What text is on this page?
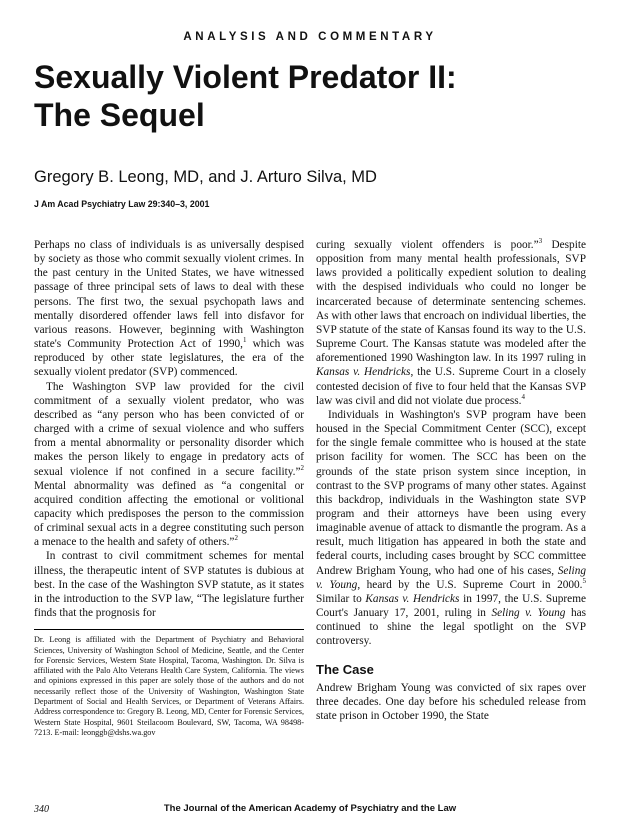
ANALYSIS AND COMMENTARY
Sexually Violent Predator II:
The Sequel
Gregory B. Leong, MD, and J. Arturo Silva, MD
J Am Acad Psychiatry Law 29:340–3, 2001

Perhaps no class of individuals is as universally despised by society as those who commit sexually violent crimes. In the past century in the United States, we have witnessed passage of three principal sets of laws to deal with these persons. The first two, the sexual psychopath laws and mentally disordered offender laws fell into disfavor for various reasons. However, beginning with Washington state's Community Protection Act of 1990,$^1$ which was reproduced by other state legislatures, the era of the sexually violent predator (SVP) commenced.

The Washington SVP law provided for the civil commitment of a sexually violent predator, who was described as “any person who has been convicted of or charged with a crime of sexual violence and who suffers from a mental abnormality or personality disorder which makes the person likely to engage in predatory acts of sexual violence if not confined in a secure facility.”$^2$ Mental abnormality was defined as “a congenital or acquired condition affecting the emotional or volitional capacity which predisposes the person to the commission of criminal sexual acts in a degree constituting such person a menace to the health and safety of others.”$^2$

In contrast to civil commitment schemes for mental illness, the therapeutic intent of SVP statutes is dubious at best. In the case of the Washington SVP statute, as it states in the introduction to the SVP law, “The legislature further finds that the prognosis for

Dr. Leong is affiliated with the Department of Psychiatry and Behavioral Sciences, University of Washington School of Medicine, Seattle, and the Center for Forensic Services, Western State Hospital, Tacoma, Washington. Dr. Silva is affiliated with the Palo Alto Veterans Health Care System, California. The views and opinions expressed in this paper are solely those of the authors and do not necessarily reflect those of the University of Washington, Washington State Department of Social and Health Services, or Department of Veterans Affairs. Address correspondence to: Gregory B. Leong, MD, Center for Forensic Services, Western State Hospital, 9601 Steilacoom Boulevard, SW, Tacoma, WA 98498-7213. E-mail: leonggb@dshs.wa.gov

curing sexually violent offenders is poor.”$^3$ Despite opposition from many mental health professionals, SVP laws provided a politically expedient solution to dealing with the despised individuals who could no longer be incarcerated because of determinate sentencing schemes. As with other laws that encroach on individual liberties, the SVP statute of the state of Kansas found its way to the U.S. Supreme Court. The Kansas statute was modeled after the aforementioned 1990 Washington law. In its 1997 ruling in Kansas v. Hendricks, the U.S. Supreme Court in a closely contested decision of five to four held that the Kansas SVP law was civil and did not violate due process.$^4$

Individuals in Washington's SVP program have been housed in the Special Commitment Center (SCC), except for the single female committee who is housed at the state prison facility for women. The SCC has been on the grounds of the state prison system since inception, in contrast to the SVP programs of many other states. Against this backdrop, individuals in the Washington state SVP program and their attorneys have been using every imaginable avenue of attack to dismantle the program. As a result, much litigation has appeared in both the state and federal courts, including cases brought by SCC committee Andrew Brigham Young, who had one of his cases, Seling v. Young, heard by the U.S. Supreme Court in 2000.$^5$ Similar to Kansas v. Hendricks in 1997, the U.S. Supreme Court's January 17, 2001, ruling in Seling v. Young has continued to shine the legal spotlight on the SVP controversy.

The Case

Andrew Brigham Young was convicted of six rapes over three decades. One day before his scheduled release from state prison in October 1990, the State

340	The Journal of the American Academy of Psychiatry and the Law
